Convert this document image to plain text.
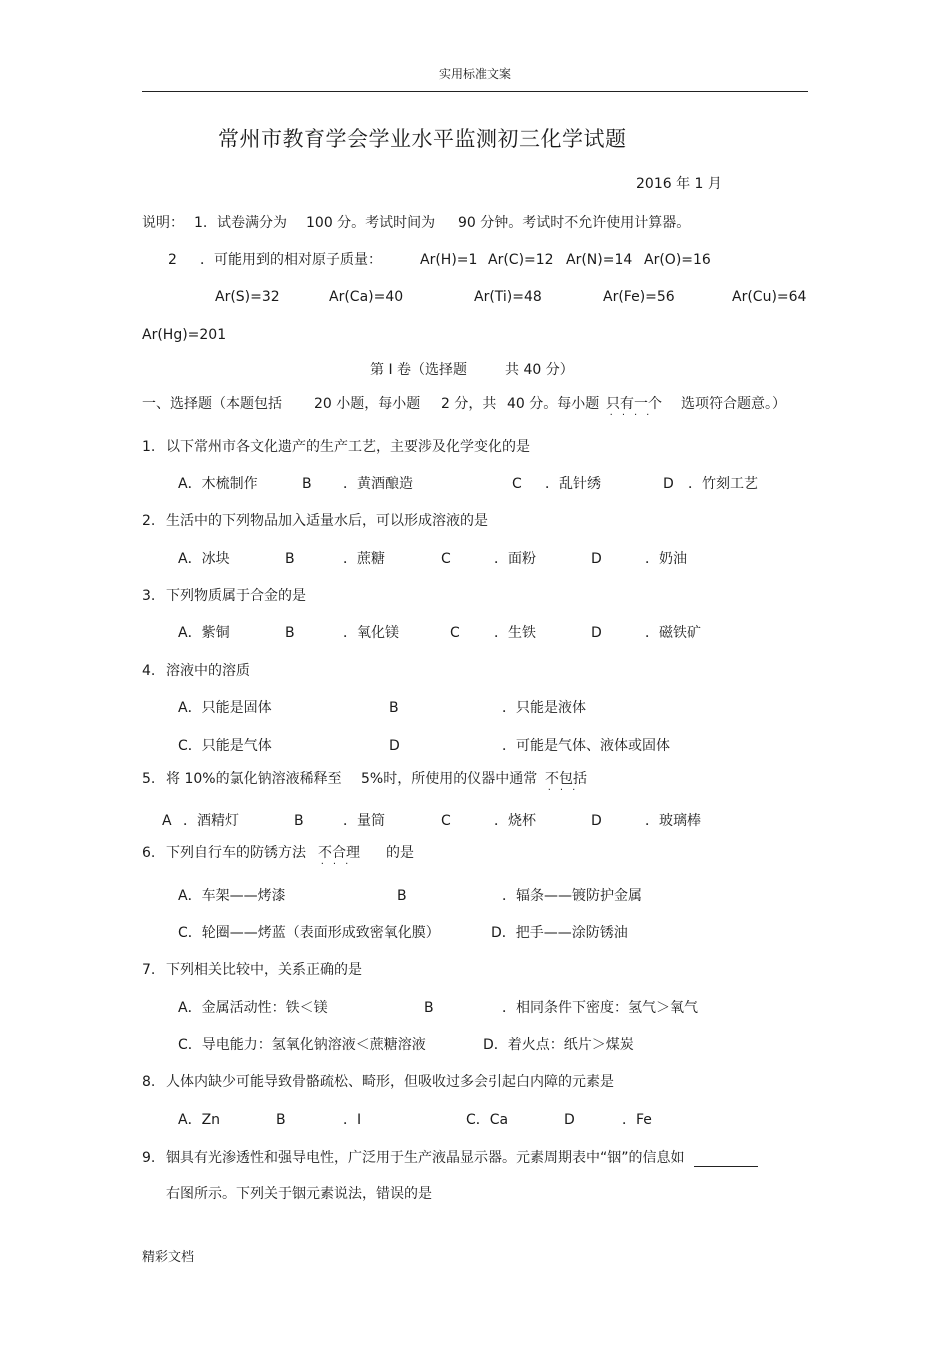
实用标准文案
常州市教育学会学业水平监测初三化学试题
2016 年 1 月
说明： 1. 试卷满分为 100 分。考试时间为 90 分钟。考试时不允许使用计算器。
2 ．可能用到的相对原子质量：	Ar(H)=1 Ar(C)=12 Ar(N)=14 Ar(O)=16
Ar(S)=32	Ar(Ca)=40	Ar(Ti)=48	Ar(Fe)=56	Ar(Cu)=64
Ar(Hg)=201
第 I 卷（选择题	共 40 分）
一、选择题（本题包括 20 小题，每小题 2 分，共 40 分。每小题 只有一个
····
选项符合题意。）
1. 以下常州市各文化遗产的生产工艺，主要涉及化学变化的是
A．木梳制作	B ．黄酒酿造	C ．乱针绣	D ．竹刻工艺
2. 生活中的下列物品加入适量水后，可以形成溶液的是
A．冰块	B	．蔗糖	C	．面粉	D	．奶油
3. 下列物质属于合金的是
A．紫铜	B	．氧化镁	C ．生铁	D	．磁铁矿
4. 溶液中的溶质
A．只能是固体	B	．只能是液体
C．只能是气体	D	．可能是气体、液体或固体
5. 将 10%的氯化钠溶液稀释至 5%时，所使用的仪器中通常 不包括
···
A ．酒精灯	B	．量筒	C	．烧杯	D	．玻璃棒
6. 下列自行车的防锈方法 不合理
···
的是
A．车架——烤漆	B	．辐条——镀防护金属
C．轮圈——烤蓝（表面形成致密氧化膜）	D．把手——涂防锈油
7. 下列相关比较中，关系正确的是
A．金属活动性：铁＜镁	B	．相同条件下密度：氢气＞氧气
C．导电能力：氢氧化钠溶液＜蔗糖溶液	D．着火点：纸片＞煤炭
8. 人体内缺少可能导致骨骼疏松、畸形，但吸收过多会引起白内障的元素是
A．Zn	B	．I	C．Ca	D	．Fe
9. 铟具有光渗透性和强导电性，广泛用于生产液晶显示器。元素周期表中“铟”的信息如
右图所示。下列关于铟元素说法，错误的是
精彩文档
